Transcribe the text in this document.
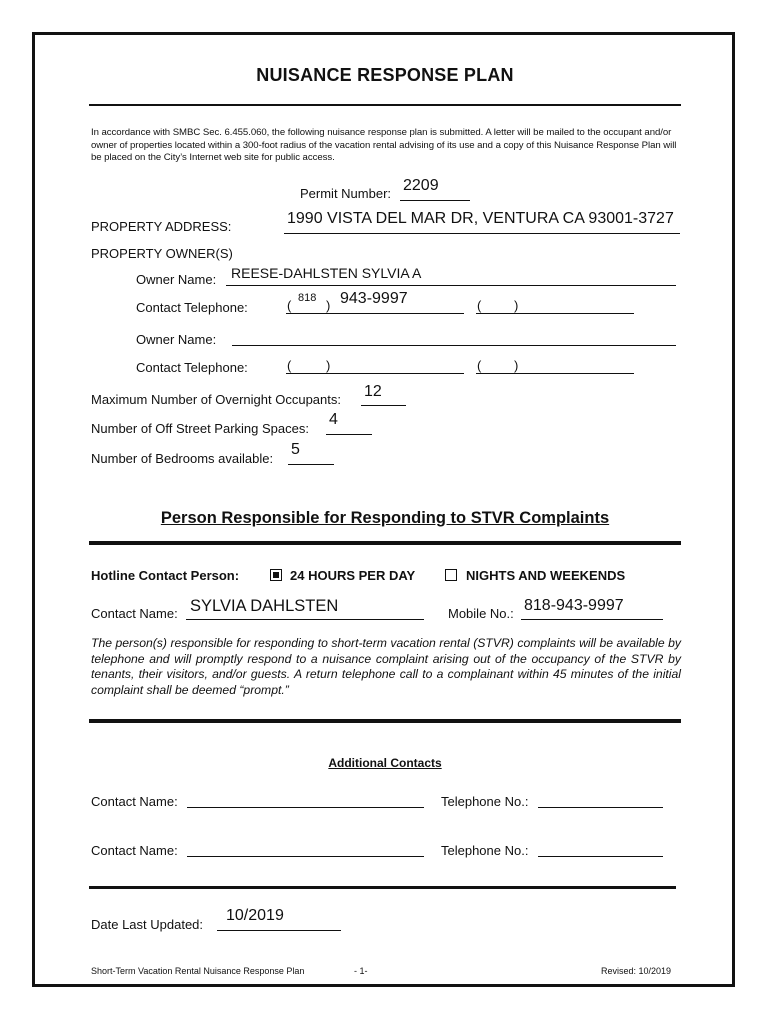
NUISANCE RESPONSE PLAN
In accordance with SMBC Sec. 6.455.060, the following nuisance response plan is submitted. A letter will be mailed to the occupant and/or owner of properties located within a 300-foot radius of the vacation rental advising of its use and a copy of this Nuisance Response Plan will be placed on the City’s Internet web site for public access.
Permit Number: 2209
PROPERTY ADDRESS:	1990 VISTA DEL MAR DR, VENTURA CA 93001-3727
PROPERTY OWNER(S)
Owner Name: REESE-DAHLSTEN SYLVIA A
Contact Telephone:	( 818 ) 943-9997	(	)
Owner Name:
Contact Telephone:	(	)	(	)
Maximum Number of Overnight Occupants: 12
Number of Off Street Parking Spaces:
4
Number of Bedrooms available:
5
Person Responsible for Responding to STVR Complaints
Hotline Contact Person:	24 HOURS PER DAY	NIGHTS AND WEEKENDS
Contact Name: SYLVIA DAHLSTEN	Mobile No.: 818-943-9997
The person(s) responsible for responding to short-term vacation rental (STVR) complaints will be available by telephone and will promptly respond to a nuisance complaint arising out of the occupancy of the STVR by tenants, their visitors, and/or guests. A return telephone call to a complainant within 45 minutes of the initial complaint shall be deemed “prompt.”
Additional Contacts
Contact Name:	Telephone No.:
Contact Name:	Telephone No.:
Date Last Updated:
10/2019
Short-Term Vacation Rental Nuisance Response Plan	- 1-	Revised: 10/2019
